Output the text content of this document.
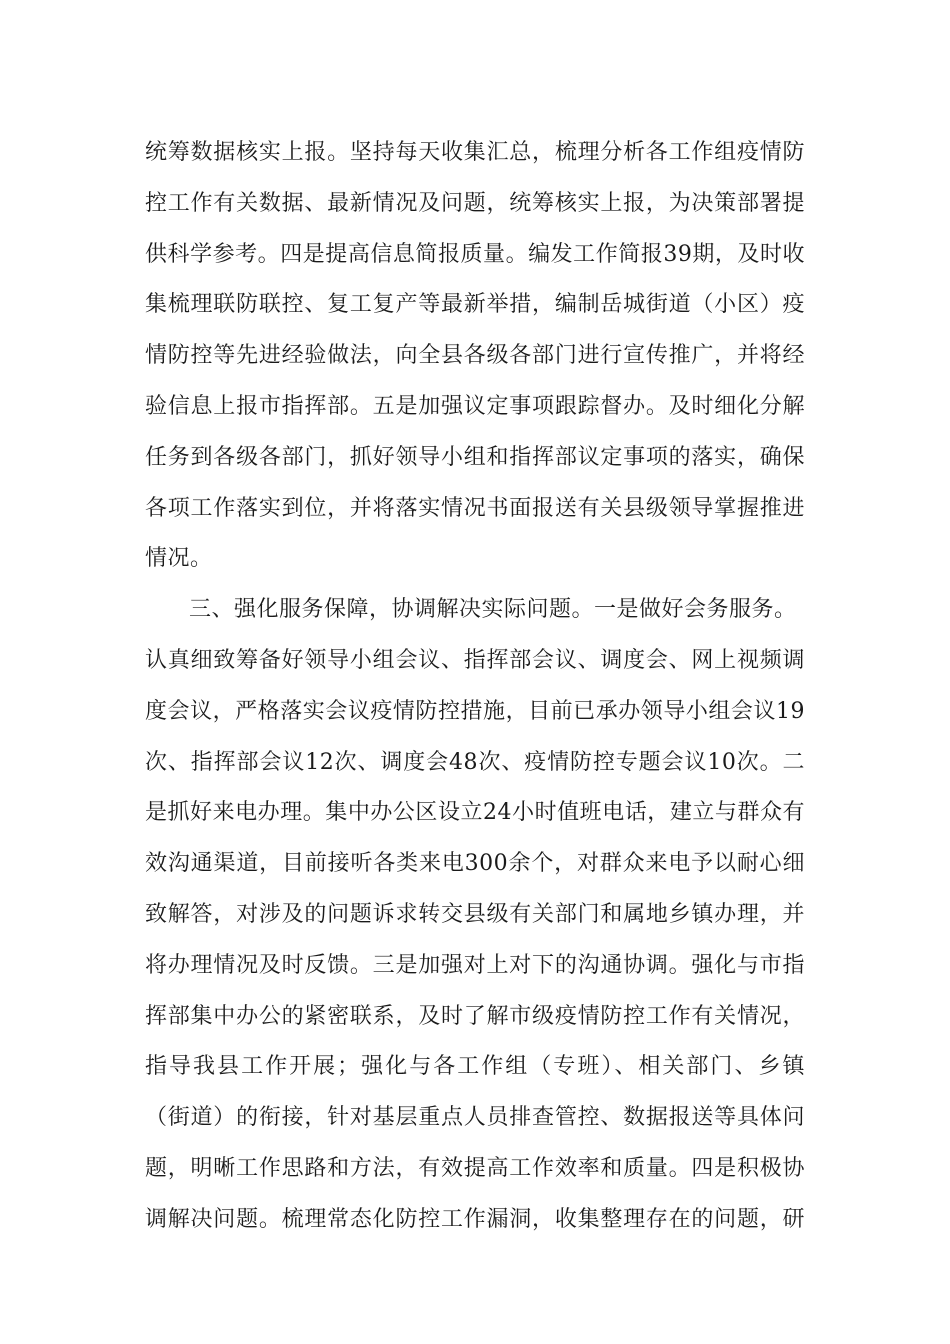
统筹数据核实上报。坚持每天收集汇总，梳理分析各工作组疫情防
控工作有关数据、最新情况及问题，统筹核实上报，为决策部署提
供科学参考。四是提高信息简报质量。编发工作简报39期，及时收
集梳理联防联控、复工复产等最新举措，编制岳城街道（小区）疫
情防控等先进经验做法，向全县各级各部门进行宣传推广，并将经
验信息上报市指挥部。五是加强议定事项跟踪督办。及时细化分解
任务到各级各部门，抓好领导小组和指挥部议定事项的落实，确保
各项工作落实到位，并将落实情况书面报送有关县级领导掌握推进
情况。
三、强化服务保障，协调解决实际问题。一是做好会务服务。
认真细致筹备好领导小组会议、指挥部会议、调度会、网上视频调
度会议，严格落实会议疫情防控措施，目前已承办领导小组会议19
次、指挥部会议12次、调度会48次、疫情防控专题会议10次。二
是抓好来电办理。集中办公区设立24小时值班电话，建立与群众有
效沟通渠道，目前接听各类来电300余个，对群众来电予以耐心细
致解答，对涉及的问题诉求转交县级有关部门和属地乡镇办理，并
将办理情况及时反馈。三是加强对上对下的沟通协调。强化与市指
挥部集中办公的紧密联系，及时了解市级疫情防控工作有关情况，
指导我县工作开展；强化与各工作组（专班）、相关部门、乡镇
（街道）的衔接，针对基层重点人员排查管控、数据报送等具体问
题，明晰工作思路和方法，有效提高工作效率和质量。四是积极协
调解决问题。梳理常态化防控工作漏洞，收集整理存在的问题，研
